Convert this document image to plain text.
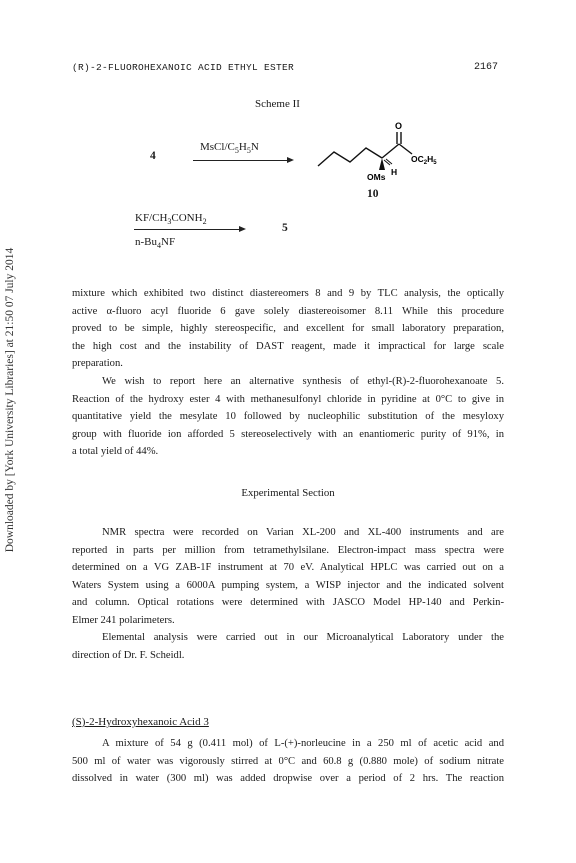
(R)-2-FLUOROHEXANOIC ACID ETHYL ESTER	2167
Downloaded by [York University Libraries] at 21:50 07 July 2014
Scheme II
4
MsCl/$C_5H_5N$
O
$OC_2H_5$
OMs H
10
$KF/CH_3CONH_2$
$n-Bu_4NF$
5
mixture which exhibited two distinct diastereomers 8 and 9 by TLC analysis, the optically
active α-fluoro acyl fluoride 6 gave solely diastereoisomer 8.11 While this procedure
proved to be simple, highly stereospecific, and excellent for small laboratory preparation,
the high cost and the instability of DAST reagent, made it impractical for large scale
preparation.
We wish to report here an alternative synthesis of ethyl-(R)-2-fluorohexanoate 5.
Reaction of the hydroxy ester 4 with methanesulfonyl chloride in pyridine at 0°C to give in
quantitative yield the mesylate 10 followed by nucleophilic substitution of the mesyloxy
group with fluoride ion afforded 5 stereoselectively with an enantiomeric purity of 91%, in
a total yield of 44%.
Experimental Section
NMR spectra were recorded on Varian XL-200 and XL-400 instruments and are
reported in parts per million from tetramethylsilane. Electron-impact mass spectra were
determined on a VG ZAB-1F instrument at 70 eV. Analytical HPLC was carried out on a
Waters System using a 6000A pumping system, a WISP injector and the indicated solvent
and column. Optical rotations were determined with JASCO Model HP-140 and Perkin-
Elmer 241 polarimeters.
Elemental analysis were carried out in our Microanalytical Laboratory under the
direction of Dr. F. Scheidl.
(S)-2-Hydroxyhexanoic Acid 3
A mixture of 54 g (0.411 mol) of L-(+)-norleucine in a 250 ml of acetic acid and
500 ml of water was vigorously stirred at 0°C and 60.8 g (0.880 mole) of sodium nitrate
dissolved in water (300 ml) was added dropwise over a period of 2 hrs. The reaction
